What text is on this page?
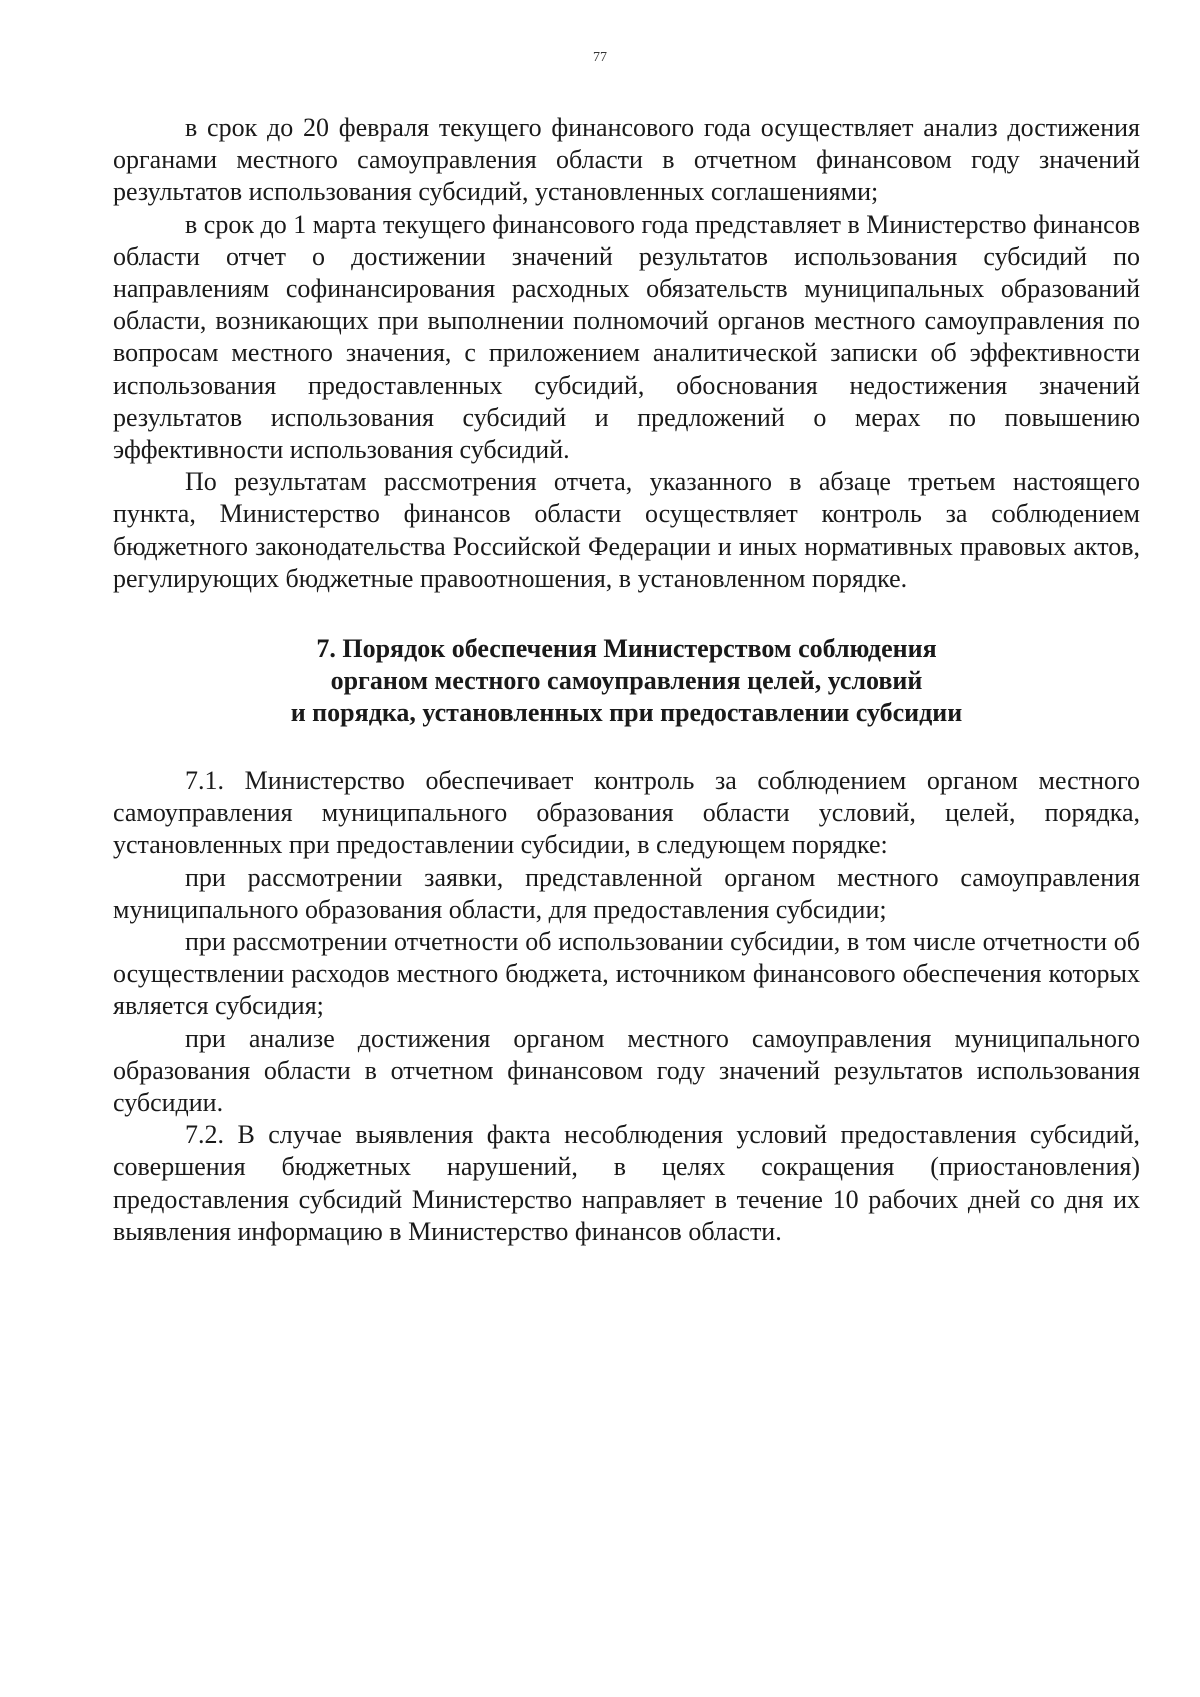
77

в срок до 20 февраля текущего финансового года осуществляет анализ достижения органами местного самоуправления области в отчетном финансовом году значений результатов использования субсидий, установленных соглашениями;

в срок до 1 марта текущего финансового года представляет в Министерство финансов области отчет о достижении значений результатов использования субсидий по направлениям софинансирования расходных обязательств муниципальных образований области, возникающих при выполнении полномочий органов местного самоуправления по вопросам местного значения, с приложением аналитической записки об эффективности использования предоставленных субсидий, обоснования недостижения значений результатов использования субсидий и предложений о мерах по повышению эффективности использования субсидий.

По результатам рассмотрения отчета, указанного в абзаце третьем настоящего пункта, Министерство финансов области осуществляет контроль за соблюдением бюджетного законодательства Российской Федерации и иных нормативных правовых актов, регулирующих бюджетные правоотношения, в установленном порядке.

7. Порядок обеспечения Министерством соблюдения
органом местного самоуправления целей, условий
и порядка, установленных при предоставлении субсидии

7.1. Министерство обеспечивает контроль за соблюдением органом местного самоуправления муниципального образования области условий, целей, порядка, установленных при предоставлении субсидии, в следующем порядке:

при рассмотрении заявки, представленной органом местного самоуправления муниципального образования области, для предоставления субсидии;

при рассмотрении отчетности об использовании субсидии, в том числе отчетности об осуществлении расходов местного бюджета, источником финансового обеспечения которых является субсидия;

при анализе достижения органом местного самоуправления муниципального образования области в отчетном финансовом году значений результатов использования субсидии.

7.2. В случае выявления факта несоблюдения условий предоставления субсидий, совершения бюджетных нарушений, в целях сокращения (приостановления) предоставления субсидий Министерство направляет в течение 10 рабочих дней со дня их выявления информацию в Министерство финансов области.
